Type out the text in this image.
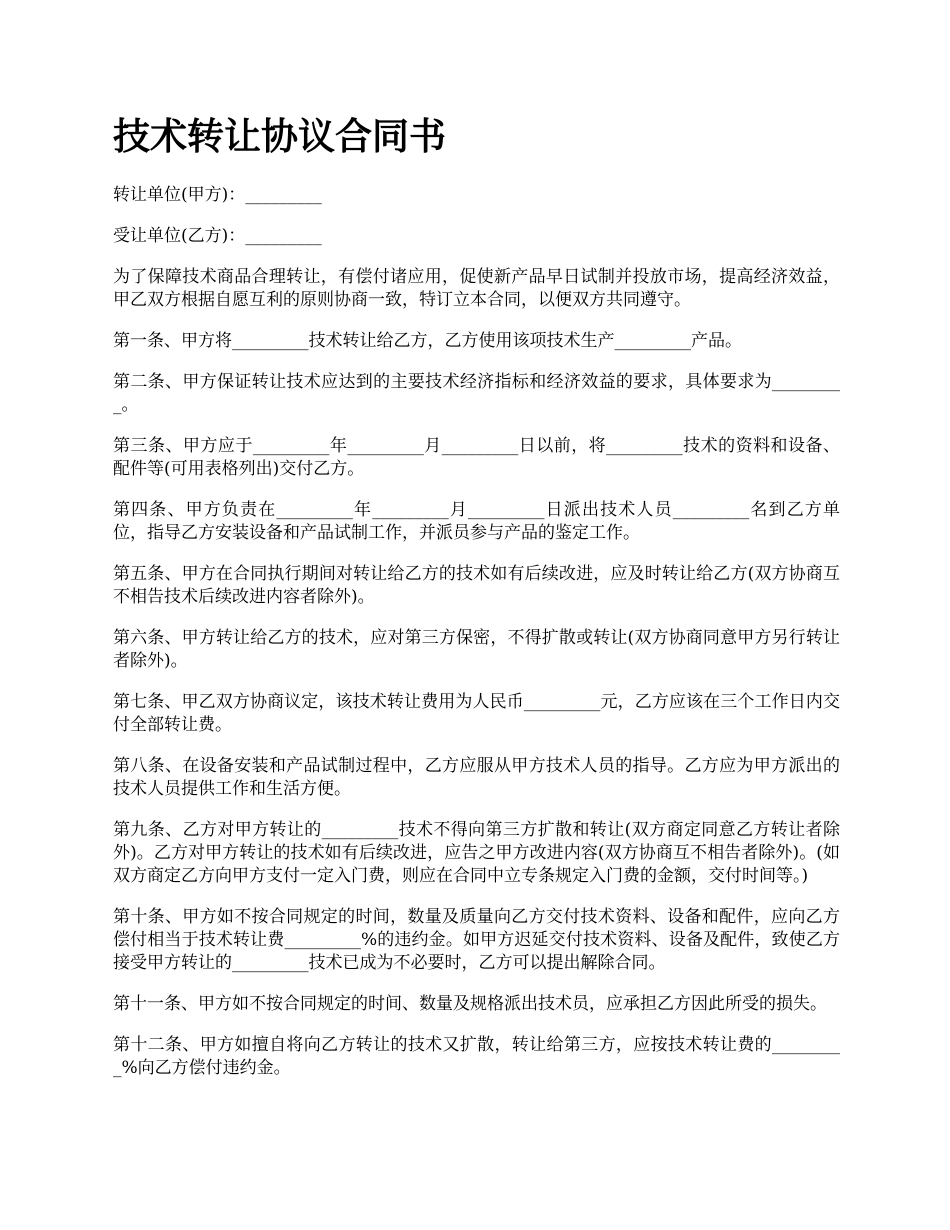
技术转让协议合同书

转让单位(甲方)：_________

受让单位(乙方)：_________

为了保障技术商品合理转让，有偿付诸应用，促使新产品早日试制并投放市场，提高经济效益，甲乙双方根据自愿互利的原则协商一致，特订立本合同，以便双方共同遵守。

第一条、甲方将_________技术转让给乙方，乙方使用该项技术生产_________产品。

第二条、甲方保证转让技术应达到的主要技术经济指标和经济效益的要求，具体要求为_________。

第三条、甲方应于_________年_________月_________日以前，将_________技术的资料和设备、配件等(可用表格列出)交付乙方。

第四条、甲方负责在_________年_________月_________日派出技术人员_________名到乙方单位，指导乙方安装设备和产品试制工作，并派员参与产品的鉴定工作。

第五条、甲方在合同执行期间对转让给乙方的技术如有后续改进，应及时转让给乙方(双方协商互不相告技术后续改进内容者除外)。

第六条、甲方转让给乙方的技术，应对第三方保密，不得扩散或转让(双方协商同意甲方另行转让者除外)。

第七条、甲乙双方协商议定，该技术转让费用为人民币_________元，乙方应该在三个工作日内交付全部转让费。

第八条、在设备安装和产品试制过程中，乙方应服从甲方技术人员的指导。乙方应为甲方派出的技术人员提供工作和生活方便。

第九条、乙方对甲方转让的_________技术不得向第三方扩散和转让(双方商定同意乙方转让者除外)。乙方对甲方转让的技术如有后续改进，应告之甲方改进内容(双方协商互不相告者除外)。(如双方商定乙方向甲方支付一定入门费，则应在合同中立专条规定入门费的金额，交付时间等。)

第十条、甲方如不按合同规定的时间，数量及质量向乙方交付技术资料、设备和配件，应向乙方偿付相当于技术转让费_________%的违约金。如甲方迟延交付技术资料、设备及配件，致使乙方接受甲方转让的_________技术已成为不必要时，乙方可以提出解除合同。

第十一条、甲方如不按合同规定的时间、数量及规格派出技术员，应承担乙方因此所受的损失。

第十二条、甲方如擅自将向乙方转让的技术又扩散，转让给第三方，应按技术转让费的_________%向乙方偿付违约金。
